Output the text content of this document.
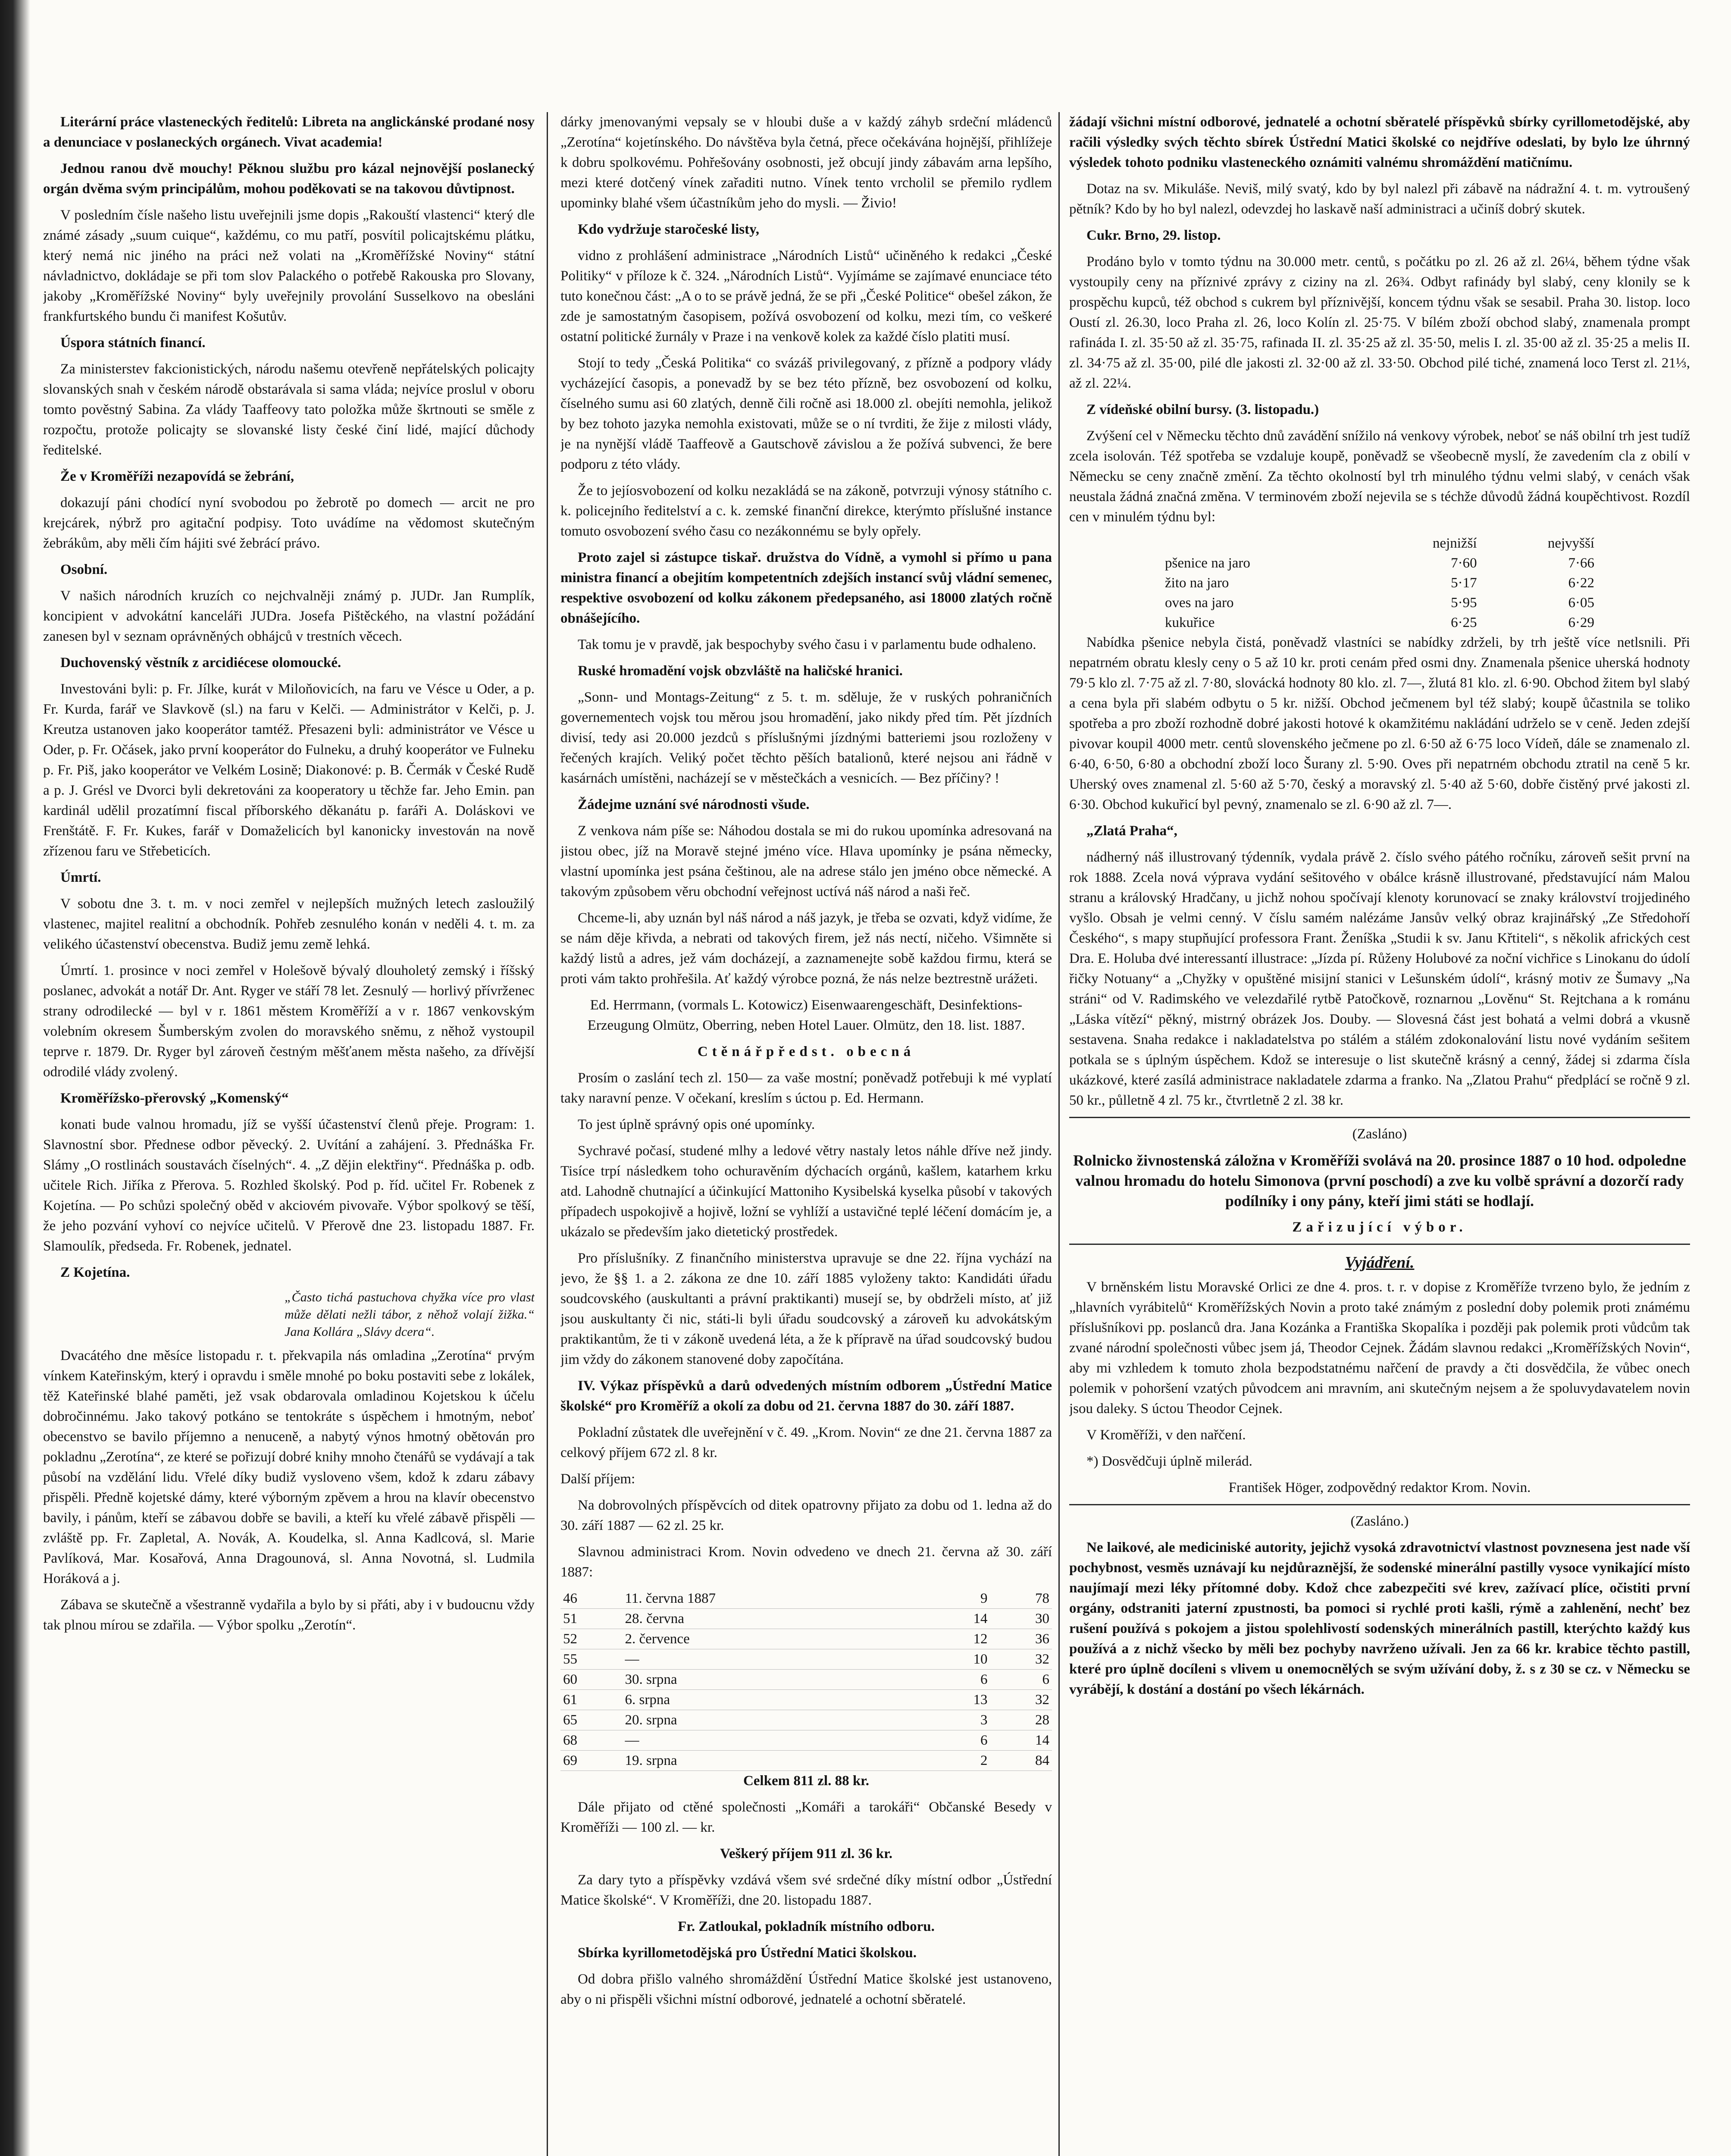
Literární práce vlasteneckých ředitelů: Libreta na anglickánské prodané nosy a denunciace v poslaneckých orgánech. Vivat academia!

Jednou ranou dvě mouchy! Pěknou službu pro kázal nejnovější poslanecký orgán dvěma svým principálům, mohou poděkovati se na takovou důvtipnost.

V posledním čísle našeho listu uveřejnili jsme dopis „Rakouští vlastenci“ který dle známé zásady „suum cuique“, každému, co mu patří, posvítil policajtskému plátku, který nemá nic jiného na práci než volati na „Kroměřížské Noviny“ státní návladnictvo, dokládaje se při tom slov Palackého o potřebě Rakouska pro Slovany, jakoby „Kroměřížské Noviny“ byly uveřejnily provolání Susselkovo na obesláni frankfurtského bundu či manifest Košutův.

Úspora státních financí.

Za ministerstev fakcionistických, národu našemu otevřeně nepřátelských policajty slovanských snah v českém národě obstarávala si sama vláda; nejvíce proslul v oboru tomto pověstný Sabina. Za vlády Taaffeovy tato položka může škrtnouti se směle z rozpočtu, protože policajty se slovanské listy české činí lidé, mající důchody ředitelské.

Že v Kroměříži nezapovídá se žebrání,

dokazují páni chodící nyní svobodou po žebrotě po domech — arcit ne pro krejcárek, nýbrž pro agitační podpisy. Toto uvádíme na vědomost skutečným žebrákům, aby měli čím hájiti své žebrácí právo.

Osobní.

V našich národních kruzích co nejchvalněji známý p. JUDr. Jan Rumplík, koncipient v advokátní kanceláři JUDra. Josefa Pištěckého, na vlastní požádání zanesen byl v seznam oprávněných obhájců v trestních věcech.

Duchovenský věstník z arcidiécese olomoucké.

Investováni byli: p. Fr. Jílke, kurát v Miloňovicích, na faru ve Vésce u Oder, a p. Fr. Kurda, farář ve Slavkově (sl.) na faru v Kelči. — Administrátor v Kelči, p. J. Kreutza ustanoven jako kooperátor tamtéž. Přesazeni byli: administrátor ve Vésce u Oder, p. Fr. Očásek, jako první kooperátor do Fulneku, a druhý kooperátor ve Fulneku p. Fr. Piš, jako kooperátor ve Velkém Losině; Diakonové: p. B. Čermák v České Rudě a p. J. Grésl ve Dvorci byli dekretováni za kooperatory u těchže far. Jeho Emin. pan kardinál udělil prozatímní fiscal příborského děkanátu p. faráři A. Doláskovi ve Frenštátě. F. Fr. Kukes, farář v Domaželicích byl kanonicky investován na nově zřízenou faru ve Střebeticích.

Úmrtí.

V sobotu dne 3. t. m. v noci zemřel v nejlepších mužných letech zasloužilý vlastenec, majitel realitní a obchodník. Pohřeb zesnulého konán v neděli 4. t. m. za velikého účastenství obecenstva. Budiž jemu země lehká.

Úmrtí. 1. prosince v noci zemřel v Holešově bývalý dlouholetý zemský i říšský poslanec, advokát a notář Dr. Ant. Ryger ve stáří 78 let. Zesnulý — horlivý přívrženec strany odrodilecké — byl v r. 1861 městem Kroměříží a v r. 1867 venkovským volebním okresem Šumberským zvolen do moravského sněmu, z něhož vystoupil teprve r. 1879. Dr. Ryger byl zároveň čestným měšťanem města našeho, za dřívější odrodilé vlády zvolený.

Kroměřížsko-přerovský „Komenský“

konati bude valnou hromadu, jíž se vyšší účastenství členů přeje. Program: 1. Slavnostní sbor. Přednese odbor pěvecký. 2. Uvítání a zahájení. 3. Přednáška Fr. Slámy „O rostlinách soustavách číselných“. 4. „Z dějin elektřiny“. Přednáška p. odb. učitele Rich. Jiříka z Přerova. 5. Rozhled školský. Pod p. říd. učitel Fr. Robenek z Kojetína. — Po schůzi společný oběd v akciovém pivovaře. Výbor spolkový se těší, že jeho pozvání vyhoví co nejvíce učitelů. V Přerově dne 23. listopadu 1887. Fr. Slamoulík, předseda. Fr. Robenek, jednatel.

Z Kojetína.

„Často tichá pastuchova chyžka více pro vlast může dělati nežli tábor, z něhož volají žižka.“ Jana Kollára „Slávy dcera“.

Dvacátého dne měsíce listopadu r. t. překvapila nás omladina „Zerotína“ prvým vínkem Kateřinským, který i opravdu i směle mnohé po boku postaviti sebe z lokálek, těž Kateřinské blahé paměti, jež vsak obdarovala omladinou Kojetskou k účelu dobročinnému. Jako takový potkáno se tentokráte s úspěchem i hmotným, neboť obecenstvo se bavilo příjemno a nenuceně, a nabytý výnos hmotný obětován pro pokladnu „Zerotína“, ze které se pořizují dobré knihy mnoho čtenářů se vydávají a tak působí na vzdělání lidu. Vřelé díky budiž vysloveno všem, kdož k zdaru zábavy přispěli. Předně kojetské dámy, které výborným zpěvem a hrou na klavír obecenstvo bavily, i pánům, kteří se zábavou dobře se bavili, a kteří ku vřelé zábavě přispěli — zvláště pp. Fr. Zapletal, A. Novák, A. Koudelka, sl. Anna Kadlcová, sl. Marie Pavlíková, Mar. Kosařová, Anna Dragounová, sl. Anna Novotná, sl. Ludmila Horáková a j.

Zábava se skutečně a všestranně vydařila a bylo by si přáti, aby i v budoucnu vždy tak plnou mírou se zdařila. — Výbor spolku „Zerotín“.

dárky jmenovanými vepsaly se v hloubi duše a v každý záhyb srdeční mládenců „Zerotína“ kojetínského. Do návštěva byla četná, přece očekávána hojnější, přihlížeje k dobru spolkovému. Pohřešovány osobnosti, jež obcují jindy zábavám arna lepšího, mezi které dotčený vínek zařaditi nutno. Vínek tento vrcholil se přemilo rydlem upominky blahé všem účastníkům jeho do mysli. — Živio!

Kdo vydržuje staročeské listy,

vidno z prohlášení administrace „Národních Listů“ učiněného k redakci „České Politiky“ v příloze k č. 324. „Národních Listů“. Vyjímáme se zajímavé enunciace této tuto konečnou část: „A o to se právě jedná, že se při „České Politice“ obešel zákon, že zde je samostatným časopisem, požívá osvobození od kolku, mezi tím, co veškeré ostatní politické žurnály v Praze i na venkově kolek za každé číslo platiti musí.

Stojí to tedy „Česká Politika“ co svázáš privilegovaný, z přízně a podpory vlády vycházející časopis, a ponevadž by se bez této přízně, bez osvobození od kolku, číselného sumu asi 60 zlatých, denně čili ročně asi 18.000 zl. obejíti nemohla, jelikož by bez tohoto jazyka nemohla existovati, může se o ní tvrditi, že žije z milosti vlády, je na nynější vládě Taaffeově a Gautschově závislou a že požívá subvenci, že bere podporu z této vlády.

Že to jejíosvobození od kolku nezakládá se na zákoně, potvrzuji výnosy státního c. k. policejního ředitelství a c. k. zemské finanční direkce, kterýmto příslušné instance tomuto osvobození svého času co nezákonnému se byly opřely.

Proto zajel si zástupce tiskař. družstva do Vídně, a vymohl si přímo u pana ministra financí a obejitím kompetentních zdejších instancí svůj vládní semenec, respektive osvobození od kolku zákonem předepsaného, asi 18000 zlatých ročně obnášejícího.

Tak tomu je v pravdě, jak bespochyby svého času i v parlamentu bude odhaleno.

Ruské hromadění vojsk obzvláště na haličské hranici.

„Sonn- und Montags-Zeitung“ z 5. t. m. sděluje, že v ruských pohraničních governementech vojsk tou měrou jsou hromadění, jako nikdy před tím. Pět jízdních divisí, tedy asi 20.000 jezdců s příslušnými jízdnými batteriemi jsou rozloženy v řečených krajích. Veliký počet těchto pěších batalionů, které nejsou ani řádně v kasárnách umístěni, nacházejí se v městečkách a vesnicích. — Bez příčiny? !

Žádejme uznání své národnosti všude.

Z venkova nám píše se: Náhodou dostala se mi do rukou upomínka adresovaná na jistou obec, jíž na Moravě stejné jméno více. Hlava upomínky je psána německy, vlastní upomínka jest psána češtinou, ale na adrese stálo jen jméno obce německé. A takovým způsobem věru obchodní veřejnost uctívá náš národ a naši řeč.

Chceme-li, aby uznán byl náš národ a náš jazyk, je třeba se ozvati, když vidíme, že se nám děje křivda, a nebrati od takových firem, jež nás nectí, ničeho. Všimněte si každý listů a adres, jež vám docházejí, a zaznamenejte sobě každou firmu, která se proti vám takto prohřešila. Ať každý výrobce pozná, že nás nelze beztrestně urážeti.

Ed. Herrmann, (vormals L. Kotowicz) Eisenwaarengeschäft, Desinfektions-Erzeugung Olmütz, Oberring, neben Hotel Lauer. Olmütz, den 18. list. 1887.

Ctěnářpředst. obecná

Prosím o zaslání tech zl. 150— za vaše mostní; poněvadž potřebuji k mé vyplatí taky naravní penze. V očekaní, kreslím s úctou p. Ed. Hermann.

To jest úplně správný opis oné upomínky.

Sychravé počasí, studené mlhy a ledové větry nastaly letos náhle dříve než jindy. Tisíce trpí následkem toho ochuravěním dýchacích orgánů, kašlem, katarhem krku atd. Lahodně chutnající a účinkující Mattoniho Kysibelská kyselka působí v takových případech uspokojivě a hojivě, ložní se vyhlíží a ustavičné teplé léčení domácím je, a ukázalo se především jako dietetický prostředek.

Pro příslušníky. Z finančního ministerstva upravuje se dne 22. října vychází na jevo, že §§ 1. a 2. zákona ze dne 10. září 1885 vyloženy takto: Kandidáti úřadu soudcovského (auskultanti a právní praktikanti) musejí se, by obdrželi místo, ať již jsou auskultanty či nic, státi-li byli úřadu soudcovský a zároveň ku advokátským praktikantům, že ti v zákoně uvedená léta, a že k přípravě na úřad soudcovský budou jim vždy do zákonem stanovené doby započítána.

IV. Výkaz příspěvků a darů odvedených místním odborem „Ústřední Matice školské“ pro Kroměříž a okolí za dobu od 21. června 1887 do 30. září 1887.

Pokladní zůstatek dle uveřejnění v č. 49. „Krom. Novin“ ze dne 21. června 1887 za celkový příjem 672 zl. 8 kr.

Další příjem:

Na dobrovolných příspěvcích od ditek opatrovny přijato za dobu od 1. ledna až do 30. září 1887 — 62 zl. 25 kr.

Slavnou administraci Krom. Novin odvedeno ve dnech 21. června až 30. září 1887:

46	11. června 1887	9	78
51	28. června	14	30
52	2. července	12	36
55	—	10	32
60	30. srpna	6	6
61	6. srpna	13	32
65	20. srpna	3	28
68	—	6	14
69	19. srpna	2	84

Celkem 811 zl. 88 kr.

Dále přijato od ctěné společnosti „Komáři a tarokáři“ Občanské Besedy v Kroměříži — 100 zl. — kr.

Veškerý příjem 911 zl. 36 kr.

Za dary tyto a příspěvky vzdává všem své srdečné díky místní odbor „Ústřední Matice školské“. V Kroměříži, dne 20. listopadu 1887.

Fr. Zatloukal, pokladník místního odboru.

Sbírka kyrillometodějská pro Ústřední Matici školskou.

Od dobra přišlo valného shromáždění Ústřední Matice školské jest ustanoveno, aby o ni přispěli všichni místní odborové, jednatelé a ochotní sběratelé.

žádají všichni místní odborové, jednatelé a ochotní sběratelé příspěvků sbírky cyrillometodějské, aby račili výsledky svých těchto sbírek Ústřední Matici školské co nejdříve odeslati, by bylo lze úhrnný výsledek tohoto podniku vlasteneckého oznámiti valnému shromáždění matičnímu.

Dotaz na sv. Mikuláše. Neviš, milý svatý, kdo by byl nalezl při zábavě na nádražní 4. t. m. vytroušený pětník? Kdo by ho byl nalezl, odevzdej ho laskavě naší administraci a učiníš dobrý skutek.

Cukr. Brno, 29. listop.

Prodáno bylo v tomto týdnu na 30.000 metr. centů, s počátku po zl. 26 až zl. 26¼, během týdne však vystoupily ceny na příznivé zprávy z ciziny na zl. 26¾. Odbyt rafinády byl slabý, ceny klonily se k prospěchu kupců, též obchod s cukrem byl příznivější, koncem týdnu však se sesabil. Praha 30. listop. loco Oustí zl. 26.30, loco Praha zl. 26, loco Kolín zl. 25·75. V bílém zboží obchod slabý, znamenala prompt rafináda I. zl. 35·50 až zl. 35·75, rafinada II. zl. 35·25 až zl. 35·50, melis I. zl. 35·00 až zl. 35·25 a melis II. zl. 34·75 až zl. 35·00, pilé dle jakosti zl. 32·00 až zl. 33·50. Obchod pilé tiché, znamená loco Terst zl. 21⅓, až zl. 22¼.

Z vídeňské obilní bursy. (3. listopadu.)

Zvýšení cel v Německu těchto dnů zavádění snížilo ná venkovy výrobek, neboť se náš obilní trh jest tudíž zcela isolován. Též spotřeba se vzdaluje koupě, poněvadž se všeobecně myslí, že zavedením cla z obilí v Německu se ceny značně změní. Za těchto okolností byl trh minulého týdnu velmi slabý, v cenách však neustala žádná značná změna. V terminovém zboží nejevila se s téchže důvodů žádná koupěchtivost. Rozdíl cen v minulém týdnu byl:

	nejnižší	nejvyšší
pšenice na jaro	7·60	7·66
žito na jaro	5·17	6·22
oves na jaro	5·95	6·05
kukuřice	6·25	6·29

Nabídka pšenice nebyla čistá, poněvadž vlastníci se nabídky zdrželi, by trh ještě více netlsnili. Při nepatrném obratu klesly ceny o 5 až 10 kr. proti cenám před osmi dny. Znamenala pšenice uherská hodnoty 79·5 klo zl. 7·75 až zl. 7·80, slovácká hodnoty 80 klo. zl. 7—, žlutá 81 klo. zl. 6·90. Obchod žitem byl slabý a cena byla při slabém odbytu o 5 kr. nižší. Obchod ječmenem byl též slabý; koupě ůčastnila se toliko spotřeba a pro zboží rozhodně dobré jakosti hotové k okamžitému nakládání udrželo se v ceně. Jeden zdejší pivovar koupil 4000 metr. centů slovenského ječmene po zl. 6·50 až 6·75 loco Vídeň, dále se znamenalo zl. 6·40, 6·50, 6·80 a obchodní zboží loco Šurany zl. 5·90. Oves při nepatrném obchodu ztratil na ceně 5 kr. Uherský oves znamenal zl. 5·60 až 5·70, český a moravský zl. 5·40 až 5·60, dobře čistěný prvé jakosti zl. 6·30. Obchod kukuřicí byl pevný, znamenalo se zl. 6·90 až zl. 7—.

„Zlatá Praha“,

nádherný náš illustrovaný týdenník, vydala právě 2. číslo svého pátého ročníku, zároveň sešit první na rok 1888. Zcela nová výprava vydání sešitového v obálce krásně illustrované, představující nám Malou stranu a královský Hradčany, u jichž nohou spočívají klenoty korunovací se znaky království trojjediného vyšlo. Obsah je velmi cenný. V číslu samém nalézáme Jansův velký obraz krajinářský „Ze Středohoří Českého“, s mapy stupňující professora Frant. Ženíška „Studii k sv. Janu Křtiteli“, s několik afrických cest Dra. E. Holuba dvé interessantí illustrace: „Jízda pí. Růženy Holubové za noční vichřice s Linokanu do údolí řičky Notuany“ a „Chyžky v opuštěné misijní stanici v Lešunském údolí“, krásný motiv ze Šumavy „Na stráni“ od V. Radimského ve velezdařilé rytbě Patočkově, roznarnou „Lověnu“ St. Rejtchana a k románu „Láska vítězí“ pěkný, mistrný obrázek Jos. Douby. — Slovesná část jest bohatá a velmi dobrá a vkusně sestavena. Snaha redakce i nakladatelstva po stálém a stálém zdokonalování listu nové vydáním sešitem potkala se s úplným úspěchem. Kdož se interesuje o list skutečně krásný a cenný, žádej si zdarma čísla ukázkové, které zasílá administrace nakladatele zdarma a franko. Na „Zlatou Prahu“ předplácí se ročně 9 zl. 50 kr., půlletně 4 zl. 75 kr., čtvrtletně 2 zl. 38 kr.

(Zasláno)

Rolnicko živnostenská záložna v Kroměříži svolává na 20. prosince 1887 o 10 hod. odpoledne valnou hromadu do hotelu Simonova (první poschodí) a zve ku volbě správní a dozorčí rady podílníky i ony pány, kteří jimi státi se hodlají.

Zařizující výbor.

Vyjádření.

V brněnském listu Moravské Orlici ze dne 4. pros. t. r. v dopise z Kroměříže tvrzeno bylo, že jedním z „hlavních vyrábitelů“ Kroměřížských Novin a proto také známým z poslední doby polemik proti známému příslušníkovi pp. poslanců dra. Jana Kozánka a Františka Skopalíka i později pak polemik proti vůdcům tak zvané národní společnosti vůbec jsem já, Theodor Cejnek. Žádám slavnou redakci „Kroměřížských Novin“, aby mi vzhledem k tomuto zhola bezpodstatnému nařčení de pravdy a čti dosvědčila, že vůbec onech polemik v pohoršení vzatých původcem ani mravním, ani skutečným nejsem a že spoluvydavatelem novin jsou daleky. S úctou Theodor Cejnek.

V Kroměříži, v den nařčení.

*) Dosvědčuji úplně milerád.

František Höger, zodpovědný redaktor Krom. Novin.

(Zasláno.)

Ne laikové, ale mediciniské autority, jejichž vysoká zdravotnictví vlastnost povznesena jest nade vší pochybnost, vesměs uznávají ku nejdůraznější, že sodenské minerální pastilly vysoce vynikající místo naujímají mezi léky přítomné doby. Kdož chce zabezpečiti své krev, zažívací plíce, očistiti první orgány, odstraniti jaterní zpustnosti, ba pomoci si rychlé proti kašli, rýmě a zahlenění, nechť bez rušení používá s pokojem a jistou spolehlivostí sodenských minerálních pastill, kterýchto každý kus používá a z nichž všecko by měli bez pochyby navrženo užívali. Jen za 66 kr. krabice těchto pastill, které pro úplně docíleni s vlivem u onemocnělých se svým užívání doby, ž. s z 30 se cz. v Německu se vyrábějí, k dostání a dostání po všech lékárnách.
